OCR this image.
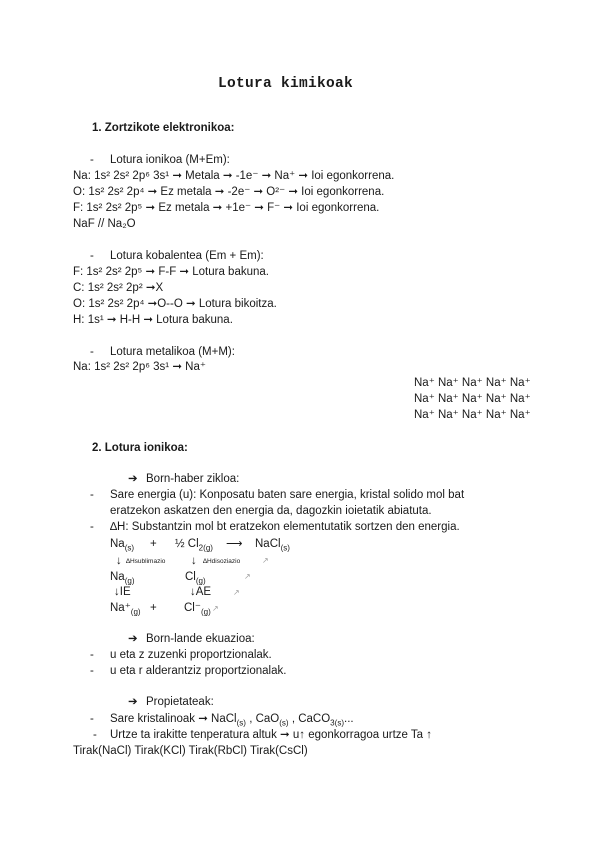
Lotura kimikoak
1. Zortzikote elektronikoa:
- Lotura ionikoa (M+Em):
Na: 1s² 2s² 2p⁶ 3s¹ ➞ Metala ➞ -1e⁻ ➞ Na⁺ ➞ Ioi egonkorrena.
O: 1s² 2s² 2p⁴ ➞ Ez metala ➞ -2e⁻ ➞ O²⁻ ➞ Ioi egonkorrena.
F: 1s² 2s² 2p⁵ ➞ Ez metala ➞ +1e⁻ ➞ F⁻ ➞ Ioi egonkorrena.
NaF // Na₂O
- Lotura kobalentea (Em + Em):
F: 1s² 2s² 2p⁵ ➞ F-F ➞ Lotura bakuna.
C: 1s² 2s² 2p² ➞X
O: 1s² 2s² 2p⁴ ➞O--O ➞ Lotura bikoitza.
H: 1s¹ ➞ H-H ➞ Lotura bakuna.
- Lotura metalikoa (M+M):
Na: 1s² 2s² 2p⁶ 3s¹ ➞ Na⁺
Na⁺ Na⁺ Na⁺ Na⁺ Na⁺
Na⁺ Na⁺ Na⁺ Na⁺ Na⁺
Na⁺ Na⁺ Na⁺ Na⁺ Na⁺
2. Lotura ionikoa:
➔ Born-haber zikloa:
- Sare energia (u): Konposatu baten sare energia, kristal solido mol bat
eratzekon askatzen den energia da, dagozkin ioietatik abiatuta.
- ∆H: Substantzin mol bt eratzekon elementutatik sortzen den energia.
$Na_{(s)}$ + ½ $Cl_{2(g)}$ ⟶ NaCl$_{(s)}$
↓ ∆Hsublimazio ↓ ∆Hdisoziazio	↗
$Na_{(g)}$	$Cl_{(g)}$	↗
↓IE	↓AE	↗
$Na^+_{(g)} + Cl^-_{(g)}$ ↗
➔ Born-lande ekuazioa:
- u eta z zuzenki proportzionalak.
- u eta r alderantziz proportzionalak.
➔ Propietateak:
- Sare kristalinoak ➞ NaCl$_{(s)}$ , CaO$_{(s)}$ , CaCO$_{3(s)}$...
- Urtze ta irakitte tenperatura altuk ➞ u↑ egonkorragoa urtze Ta ↑
Tirak(NaCl) Tirak(KCl) Tirak(RbCl) Tirak(CsCl)
